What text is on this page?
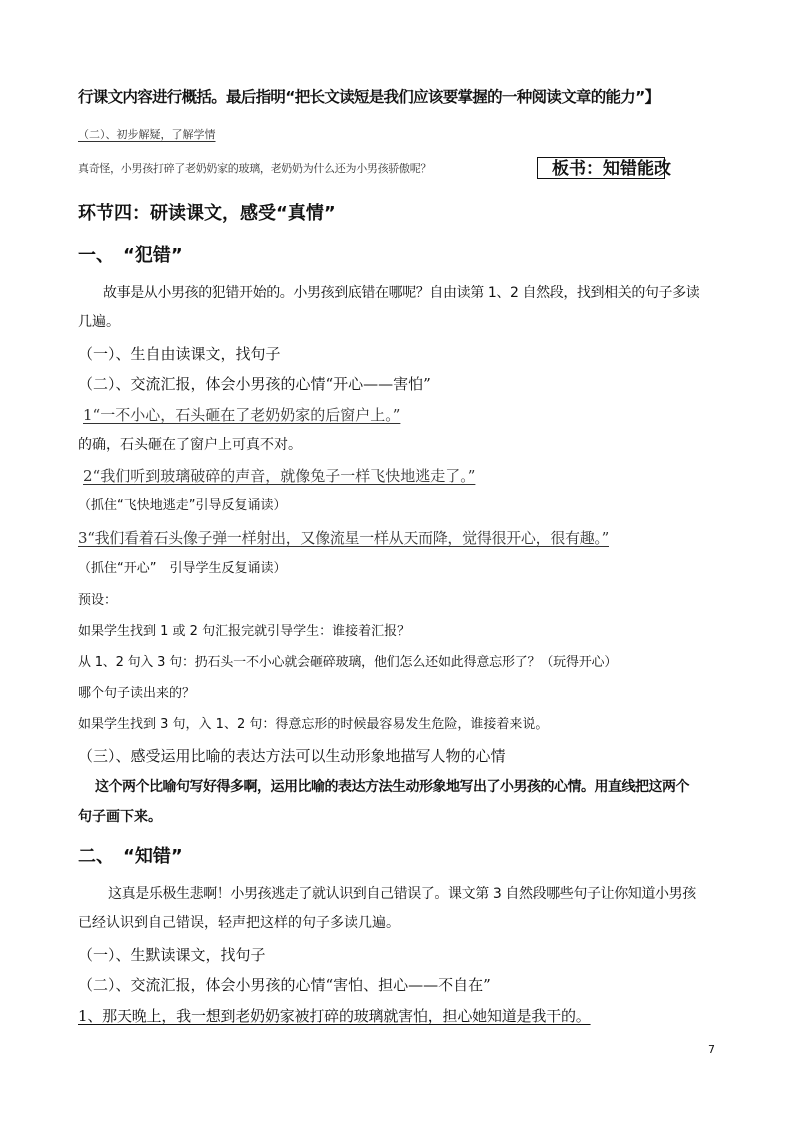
行课文内容进行概括。最后指明“把长文读短是我们应该要掌握的一种阅读文章的能力”】
（二）、初步解疑，了解学情
真奇怪，小男孩打碎了老奶奶家的玻璃，老奶奶为什么还为小男孩骄傲呢？	板书：知错能改
环节四：研读课文，感受“真情”
一、　“犯错”
故事是从小男孩的犯错开始的。小男孩到底错在哪呢？自由读第 1、2 自然段，找到相关的句子多读
几遍。
（一）、生自由读课文，找句子
（二）、交流汇报，体会小男孩的心情“开心——害怕”
1“一不小心，石头砸在了老奶奶家的后窗户上。”
的确，石头砸在了窗户上可真不对。
2“我们听到玻璃破碎的声音，就像兔子一样飞快地逃走了。”
（抓住“飞快地逃走”引导反复诵读）
3“我们看着石头像子弹一样射出，又像流星一样从天而降，觉得很开心，很有趣。”
（抓住“开心”　引导学生反复诵读）
预设：
如果学生找到 1 或 2 句汇报完就引导学生：谁接着汇报？
从 1、2 句入 3 句：扔石头一不小心就会砸碎玻璃，他们怎么还如此得意忘形了？（玩得开心）
哪个句子读出来的？
如果学生找到 3 句，入 1、2 句：得意忘形的时候最容易发生危险，谁接着来说。
（三）、感受运用比喻的表达方法可以生动形象地描写人物的心情
这个两个比喻句写好得多啊，运用比喻的表达方法生动形象地写出了小男孩的心情。用直线把这两个
句子画下来。
二、　“知错”
这真是乐极生悲啊！小男孩逃走了就认识到自己错误了。课文第 3 自然段哪些句子让你知道小男孩
已经认识到自己错误，轻声把这样的句子多读几遍。
（一）、生默读课文，找句子
（二）、交流汇报，体会小男孩的心情“害怕、担心——不自在”
1、那天晚上，我一想到老奶奶家被打碎的玻璃就害怕，担心她知道是我干的。
7
